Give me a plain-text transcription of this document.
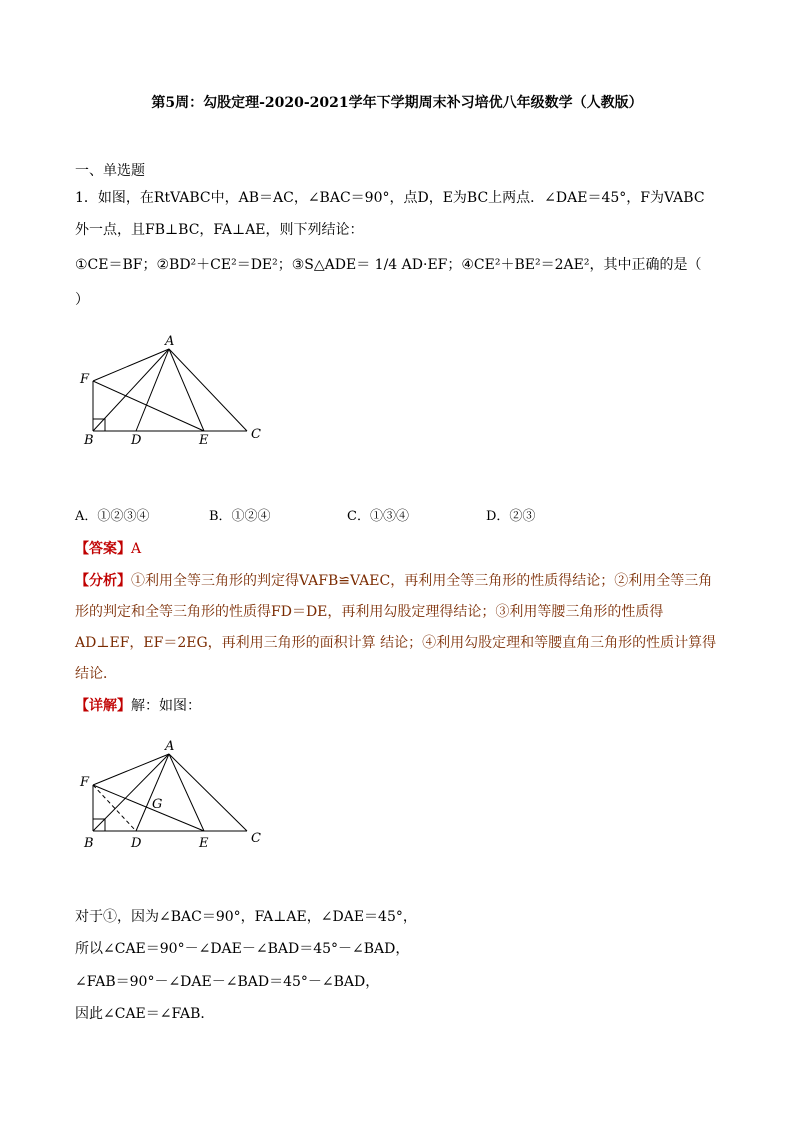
第5周：勾股定理-2020-2021学年下学期周末补习培优八年级数学（人教版）
一、单选题
1．如图，在RtVABC中，AB＝AC，∠BAC＝90°，点D，E为BC上两点．∠DAE＝45°，F为VABC
外一点，且FB⊥BC，FA⊥AE，则下列结论：
①CE＝BF；②BD²＋CE²＝DE²；③S△ADE＝ 1/4 AD·EF；④CE²＋BE²＝2AE²，其中正确的是（
）
A
F
B	D	E	C
A．①②③④	B．①②④	C．①③④	D．②③
【答案】A
【分析】①利用全等三角形的判定得VAFB≌VAEC，再利用全等三角形的性质得结论；②利用全等三角
形的判定和全等三角形的性质得FD＝DE，再利用勾股定理得结论；③利用等腰三角形的性质得
AD⊥EF，EF＝2EG，再利用三角形的面积计算 结论；④利用勾股定理和等腰直角三角形的性质计算得
结论．
【详解】解：如图：
A
F
G
B	D	E	C
对于①，因为∠BAC＝90°，FA⊥AE，∠DAE＝45°，
所以∠CAE＝90°－∠DAE－∠BAD＝45°－∠BAD，
∠FAB＝90°－∠DAE－∠BAD＝45°－∠BAD，
因此∠CAE＝∠FAB．
